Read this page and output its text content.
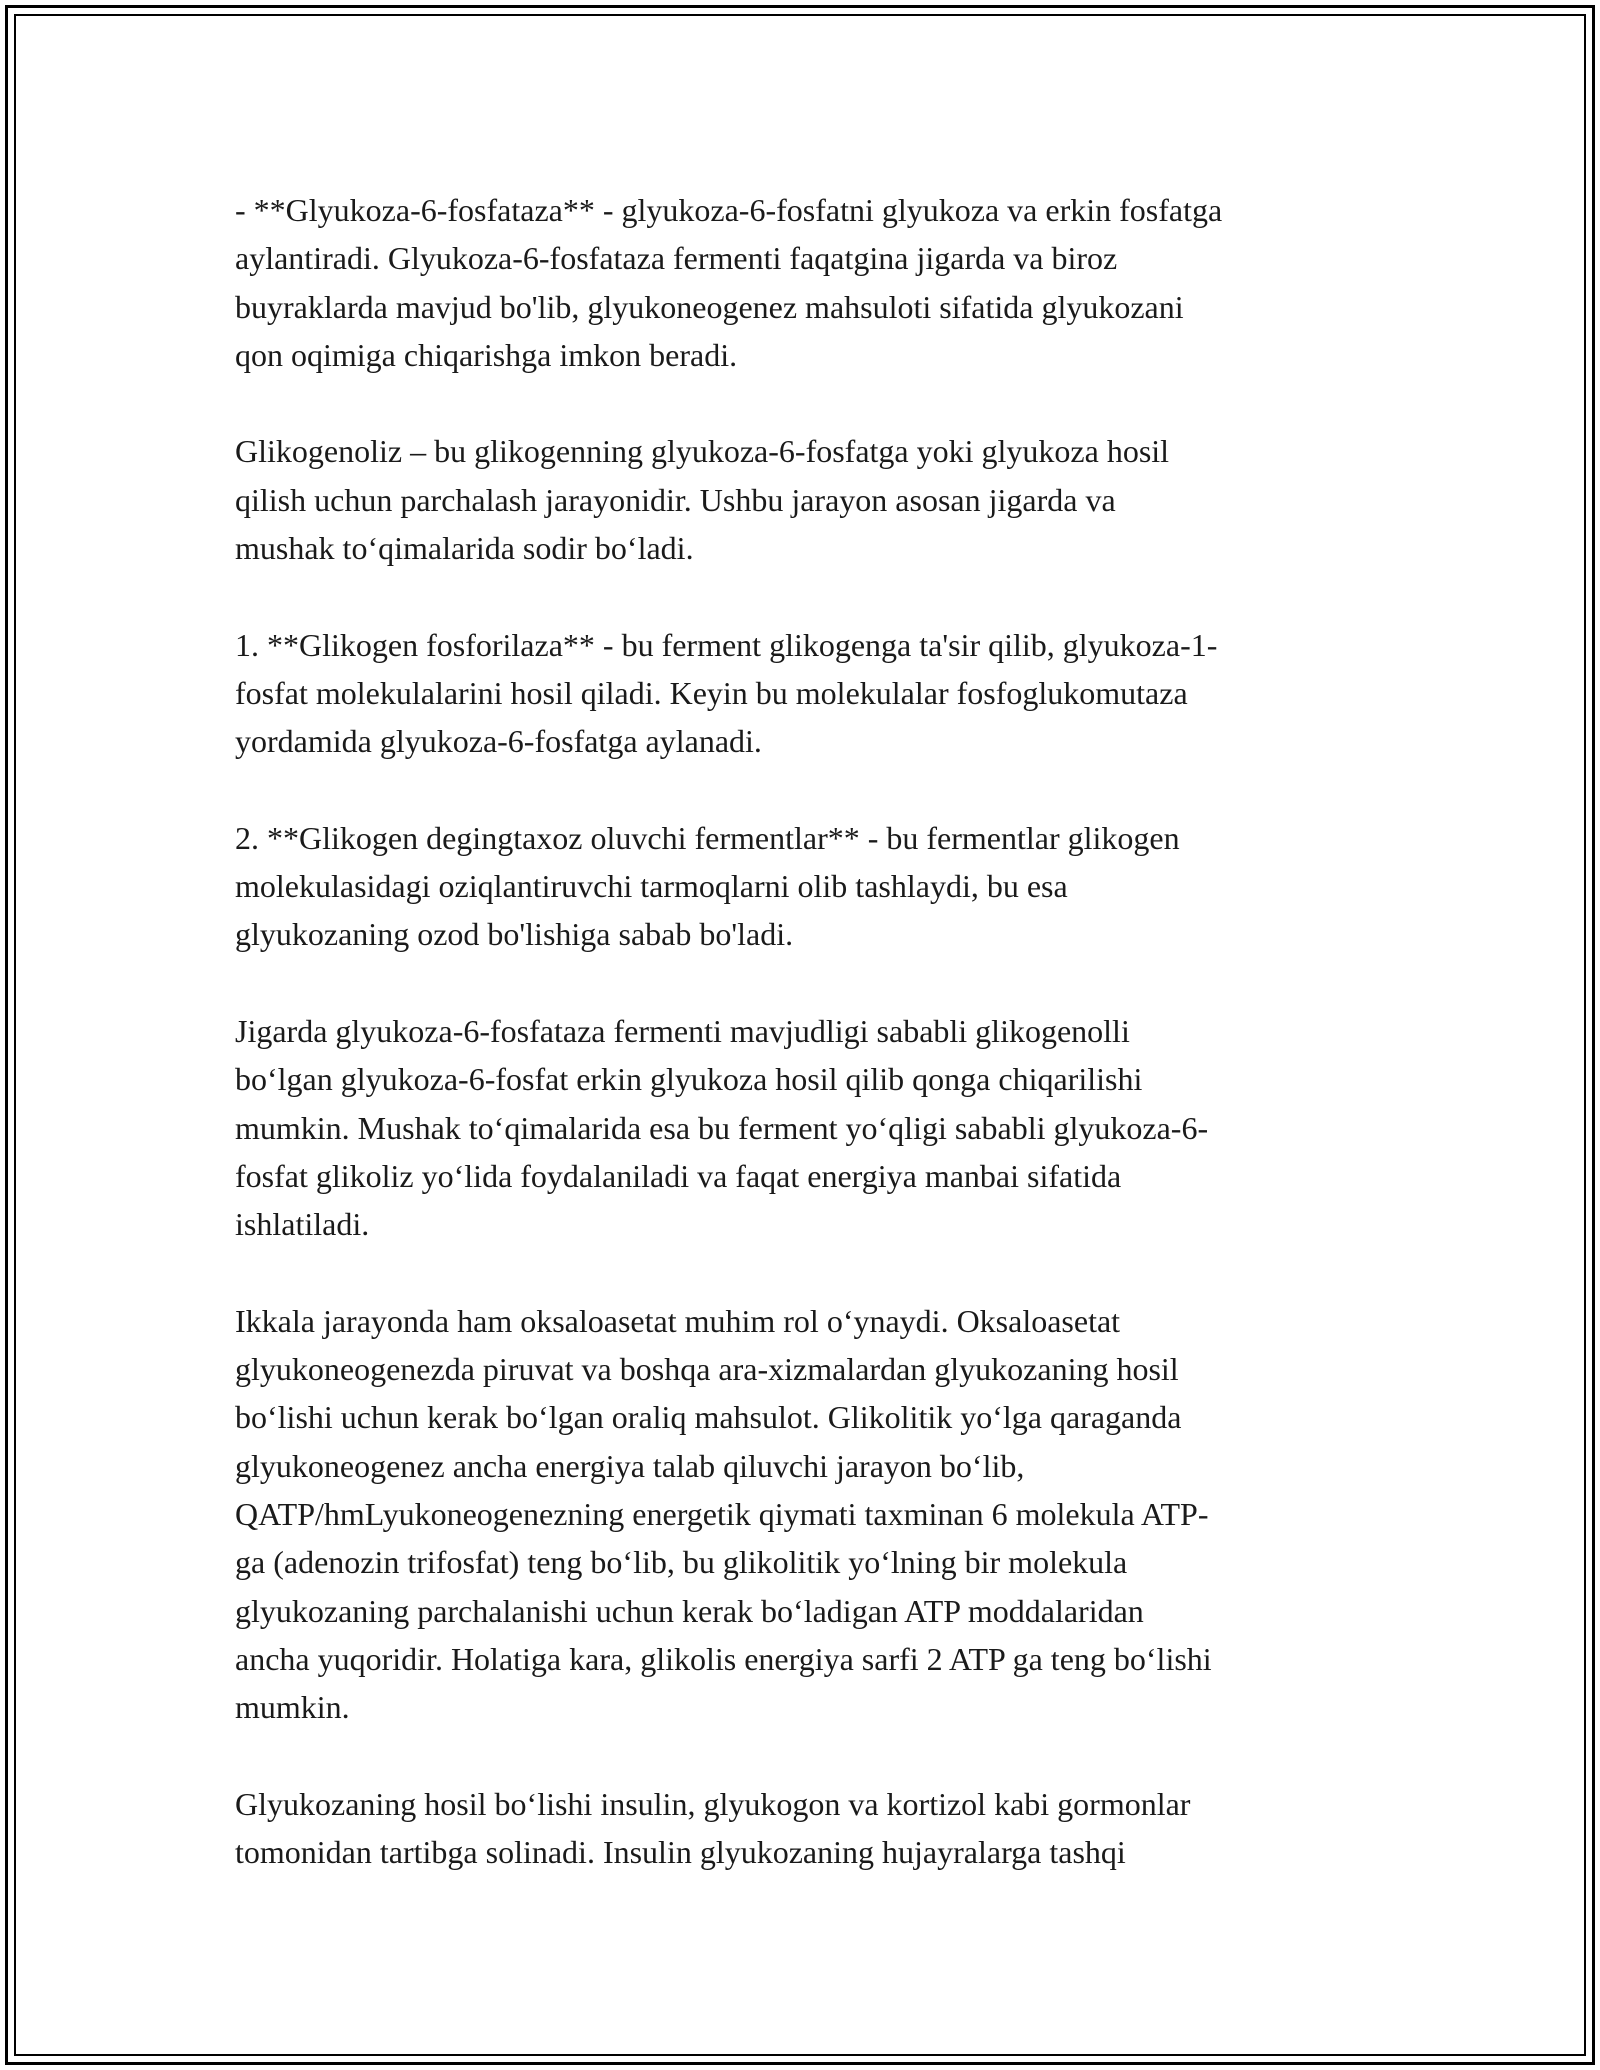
- **Glyukoza-6-fosfataza** - glyukoza-6-fosfatni glyukoza va erkin fosfatga
aylantiradi. Glyukoza-6-fosfataza fermenti faqatgina jigarda va biroz
buyraklarda mavjud bo'lib, glyukoneogenez mahsuloti sifatida glyukozani
qon oqimiga chiqarishga imkon beradi.

Glikogenoliz – bu glikogenning glyukoza-6-fosfatga yoki glyukoza hosil
qilish uchun parchalash jarayonidir. Ushbu jarayon asosan jigarda va
mushak to‘qimalarida sodir bo‘ladi.

1. **Glikogen fosforilaza** - bu ferment glikogenga ta'sir qilib, glyukoza-1-
fosfat molekulalarini hosil qiladi. Keyin bu molekulalar fosfoglukomutaza
yordamida glyukoza-6-fosfatga aylanadi.

2. **Glikogen degingtaxoz oluvchi fermentlar** - bu fermentlar glikogen
molekulasidagi oziqlantiruvchi tarmoqlarni olib tashlaydi, bu esa
glyukozaning ozod bo'lishiga sabab bo'ladi.

Jigarda glyukoza-6-fosfataza fermenti mavjudligi sababli glikogenolli
bo‘lgan glyukoza-6-fosfat erkin glyukoza hosil qilib qonga chiqarilishi
mumkin. Mushak to‘qimalarida esa bu ferment yo‘qligi sababli glyukoza-6-
fosfat glikoliz yo‘lida foydalaniladi va faqat energiya manbai sifatida
ishlatiladi.

Ikkala jarayonda ham oksaloasetat muhim rol o‘ynaydi. Oksaloasetat
glyukoneogenezda piruvat va boshqa ara-xizmalardan glyukozaning hosil
bo‘lishi uchun kerak bo‘lgan oraliq mahsulot. Glikolitik yo‘lga qaraganda
glyukoneogenez ancha energiya talab qiluvchi jarayon bo‘lib,
QATP/hmLyukoneogenezning energetik qiymati taxminan 6 molekula ATP-
ga (adenozin trifosfat) teng bo‘lib, bu glikolitik yo‘lning bir molekula
glyukozaning parchalanishi uchun kerak bo‘ladigan ATP moddalaridan
ancha yuqoridir. Holatiga kara, glikolis energiya sarfi 2 ATP ga teng bo‘lishi
mumkin.

Glyukozaning hosil bo‘lishi insulin, glyukogon va kortizol kabi gormonlar
tomonidan tartibga solinadi. Insulin glyukozaning hujayralarga tashqi
